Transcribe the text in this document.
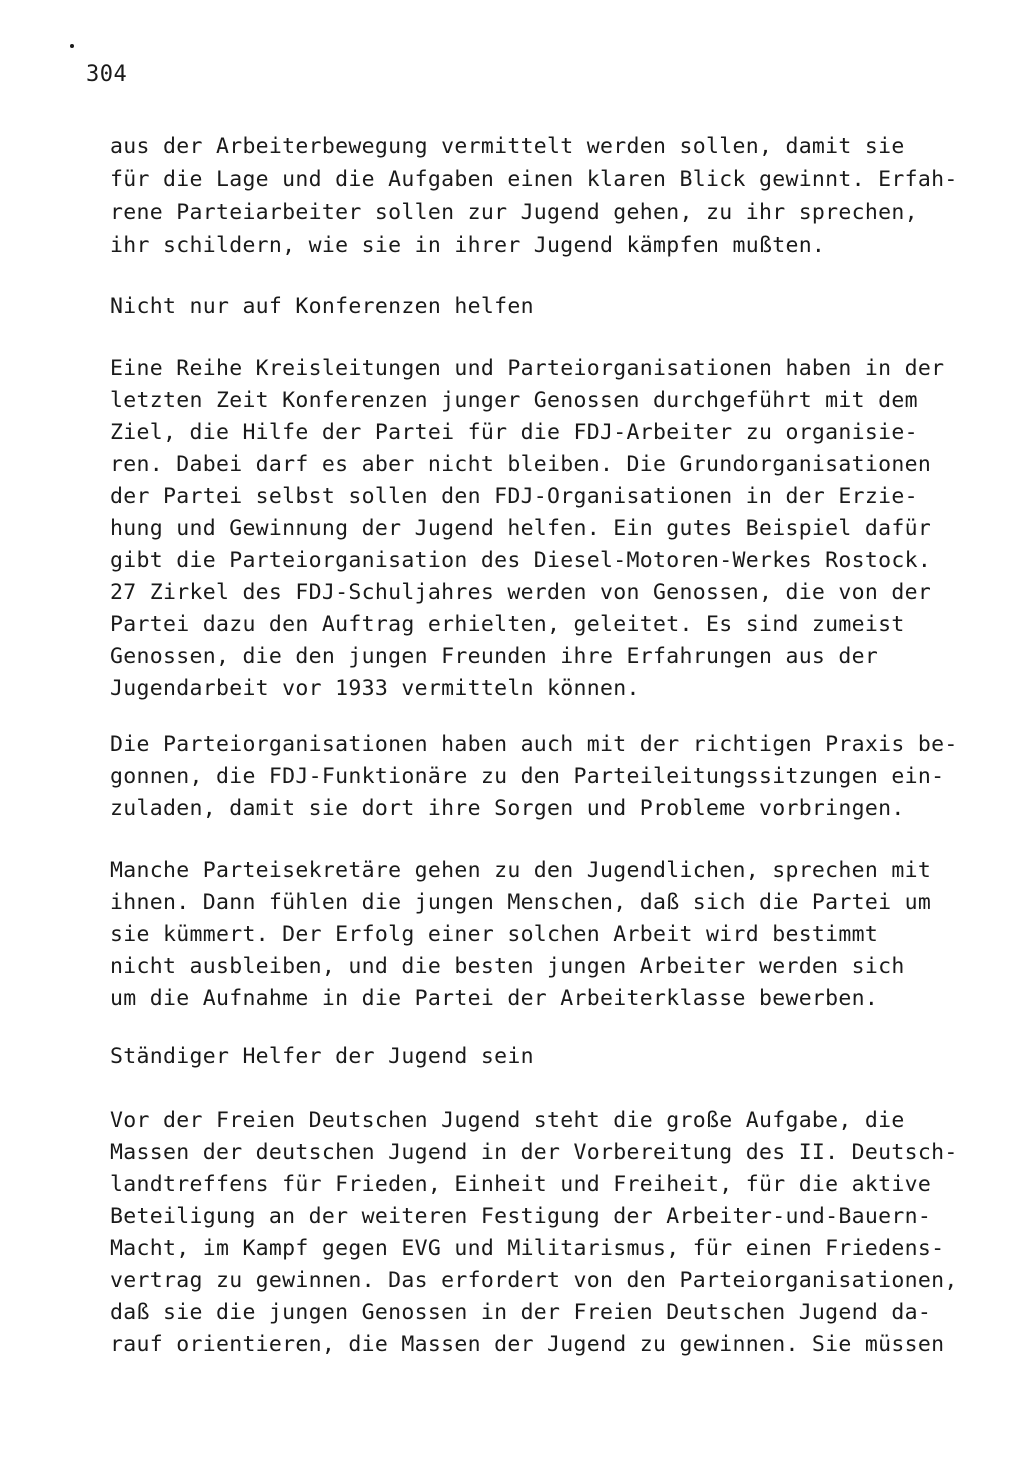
304
aus der Arbeiterbewegung vermittelt werden sollen, damit sie
für die Lage und die Aufgaben einen klaren Blick gewinnt. Erfah-
rene Parteiarbeiter sollen zur Jugend gehen, zu ihr sprechen,
ihr schildern, wie sie in ihrer Jugend kämpfen mußten.
Nicht nur auf Konferenzen helfen
Eine Reihe Kreisleitungen und Parteiorganisationen haben in der
letzten Zeit Konferenzen junger Genossen durchgeführt mit dem
Ziel, die Hilfe der Partei für die FDJ-Arbeiter zu organisie-
ren. Dabei darf es aber nicht bleiben. Die Grundorganisationen
der Partei selbst sollen den FDJ-Organisationen in der Erzie-
hung und Gewinnung der Jugend helfen. Ein gutes Beispiel dafür
gibt die Parteiorganisation des Diesel-Motoren-Werkes Rostock.
27 Zirkel des FDJ-Schuljahres werden von Genossen, die von der
Partei dazu den Auftrag erhielten, geleitet. Es sind zumeist
Genossen, die den jungen Freunden ihre Erfahrungen aus der
Jugendarbeit vor 1933 vermitteln können.
Die Parteiorganisationen haben auch mit der richtigen Praxis be-
gonnen, die FDJ-Funktionäre zu den Parteileitungssitzungen ein-
zuladen, damit sie dort ihre Sorgen und Probleme vorbringen.
Manche Parteisekretäre gehen zu den Jugendlichen, sprechen mit
ihnen. Dann fühlen die jungen Menschen, daß sich die Partei um
sie kümmert. Der Erfolg einer solchen Arbeit wird bestimmt
nicht ausbleiben, und die besten jungen Arbeiter werden sich
um die Aufnahme in die Partei der Arbeiterklasse bewerben.
Ständiger Helfer der Jugend sein
Vor der Freien Deutschen Jugend steht die große Aufgabe, die
Massen der deutschen Jugend in der Vorbereitung des II. Deutsch-
landtreffens für Frieden, Einheit und Freiheit, für die aktive
Beteiligung an der weiteren Festigung der Arbeiter-und-Bauern-
Macht, im Kampf gegen EVG und Militarismus, für einen Friedens-
vertrag zu gewinnen. Das erfordert von den Parteiorganisationen,
daß sie die jungen Genossen in der Freien Deutschen Jugend da-
rauf orientieren, die Massen der Jugend zu gewinnen. Sie müssen
